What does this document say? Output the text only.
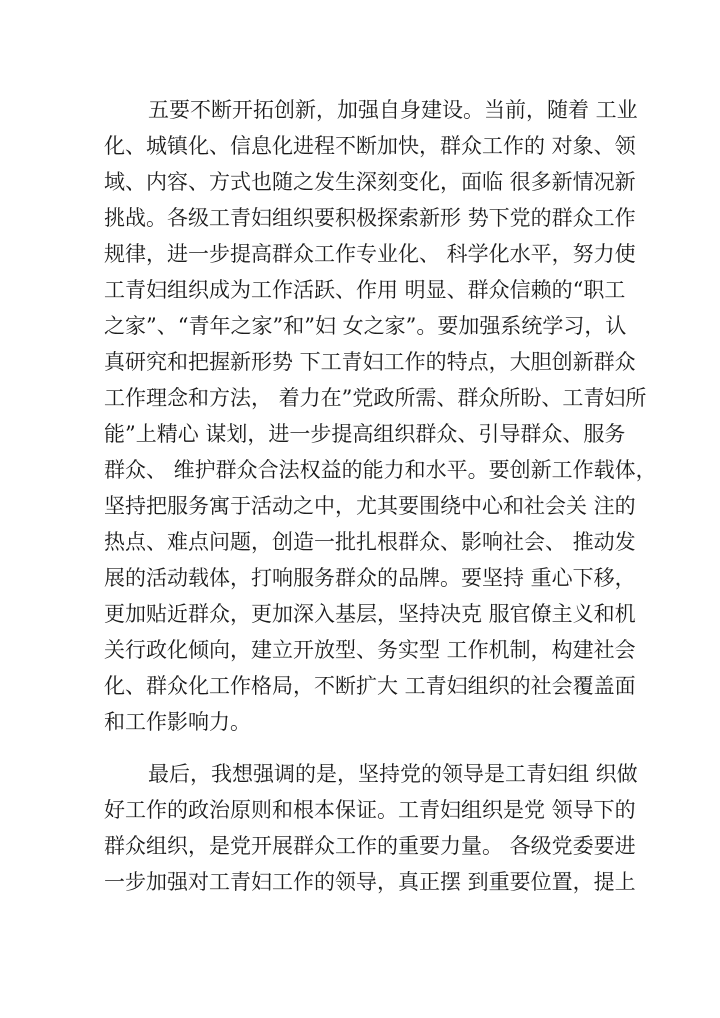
五要不断开拓创新，加强自身建设。当前，随着 工业
化、城镇化、信息化进程不断加快，群众工作的 对象、领
域、内容、方式也随之发生深刻变化，面临 很多新情况新
挑战。各级工青妇组织要积极探索新形 势下党的群众工作
规律，进一步提高群众工作专业化、 科学化水平，努力使
工青妇组织成为工作活跃、作用 明显、群众信赖的“职工
之家”、“青年之家”和”妇 女之家”。要加强系统学习，认
真研究和把握新形势 下工青妇工作的特点，大胆创新群众
工作理念和方法， 着力在”党政所需、群众所盼、工青妇所
能”上精心 谋划，进一步提高组织群众、引导群众、服务
群众、 维护群众合法权益的能力和水平。要创新工作载体，
坚持把服务寓于活动之中，尤其要围绕中心和社会关 注的
热点、难点问题，创造一批扎根群众、影响社会、 推动发
展的活动载体，打响服务群众的品牌。要坚持 重心下移，
更加贴近群众，更加深入基层，坚持决克 服官僚主义和机
关行政化倾向，建立开放型、务实型 工作机制，构建社会
化、群众化工作格局，不断扩大 工青妇组织的社会覆盖面
和工作影响力。
最后，我想强调的是，坚持党的领导是工青妇组 织做
好工作的政治原则和根本保证。工青妇组织是党 领导下的
群众组织，是党开展群众工作的重要力量。 各级党委要进
一步加强对工青妇工作的领导，真正摆 到重要位置，提上
